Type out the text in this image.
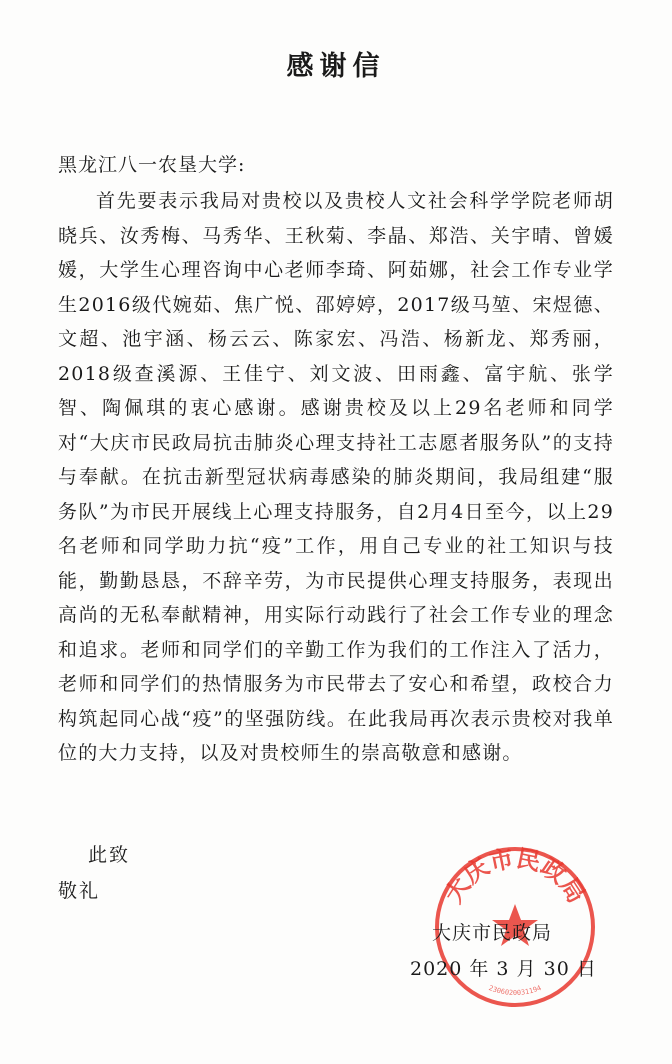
感谢信

黑龙江八一农垦大学:

首先要表示我局对贵校以及贵校人文社会科学学院老师胡晓兵、汝秀梅、马秀华、王秋菊、李晶、郑浩、关宇晴、曾媛媛，大学生心理咨询中心老师李琦、阿茹娜，社会工作专业学生2016级代婉茹、焦广悦、邵婷婷，2017级马堃、宋煜德、文超、池宇涵、杨云云、陈家宏、冯浩、杨新龙、郑秀丽，2018级查溪源、王佳宁、刘文波、田雨鑫、富宇航、张学智、陶佩琪的衷心感谢。感谢贵校及以上29名老师和同学对“大庆市民政局抗击肺炎心理支持社工志愿者服务队”的支持与奉献。在抗击新型冠状病毒感染的肺炎期间，我局组建“服务队”为市民开展线上心理支持服务，自2月4日至今，以上29名老师和同学助力抗“疫”工作，用自己专业的社工知识与技能，勤勤恳恳，不辞辛劳，为市民提供心理支持服务，表现出高尚的无私奉献精神，用实际行动践行了社会工作专业的理念和追求。老师和同学们的辛勤工作为我们的工作注入了活力，老师和同学们的热情服务为市民带去了安心和希望，政校合力构筑起同心战“疫”的坚强防线。在此我局再次表示贵校对我单位的大力支持，以及对贵校师生的崇高敬意和感谢。

此致

敬礼	大庆市民政局
2306020031194

大庆市民政局

2020 年 3 月 30 日
